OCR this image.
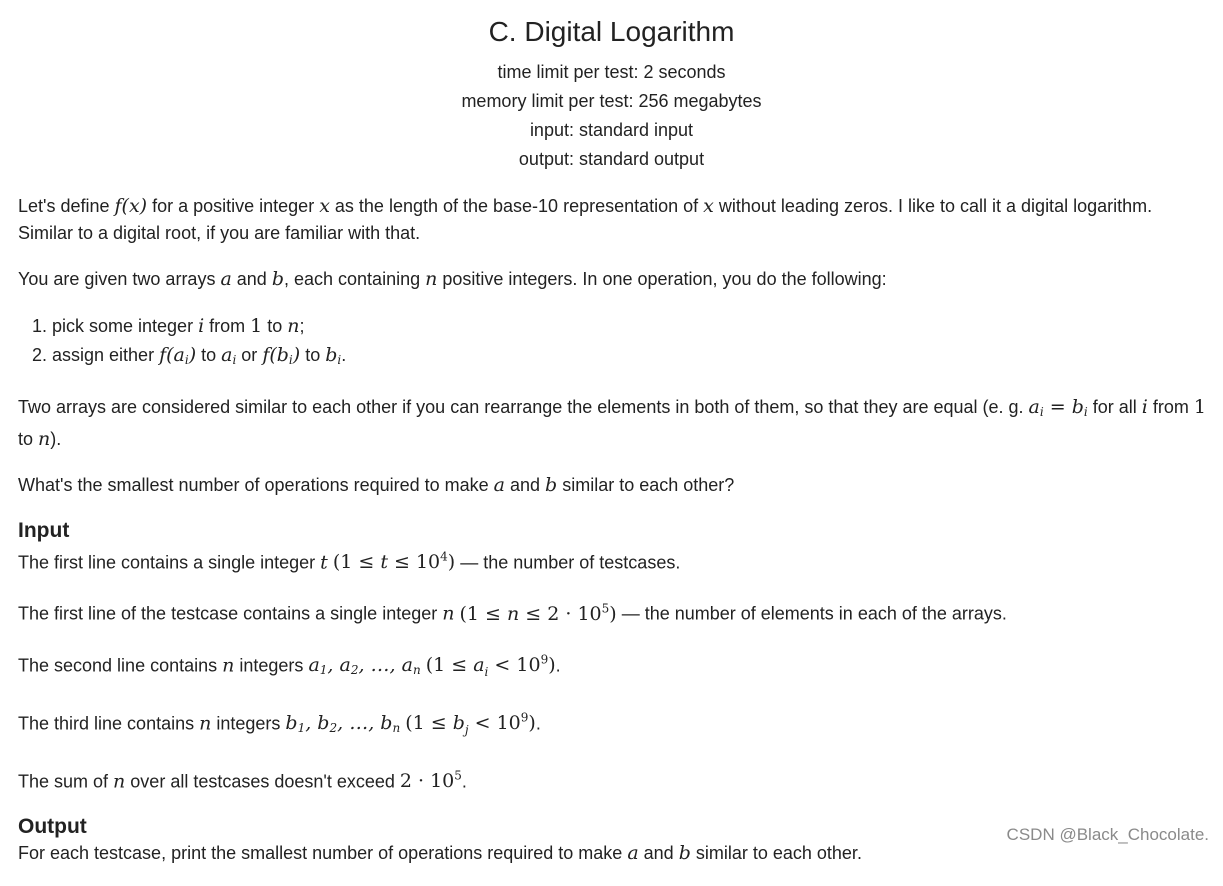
C. Digital Logarithm
time limit per test: 2 seconds
memory limit per test: 256 megabytes
input: standard input
output: standard output

Let's define f(x) for a positive integer x as the length of the base-10 representation of x without leading zeros. I like to call it a digital logarithm. Similar to a digital root, if you are familiar with that.

You are given two arrays a and b, each containing n positive integers. In one operation, you do the following:

1. pick some integer i from 1 to n;
2. assign either $f(a_i)$ to $a_i$ or $f(b_i)$ to $b_i$.

Two arrays are considered similar to each other if you can rearrange the elements in both of them, so that they are equal (e. g. $a_i = b_i$ for all i from 1 to n).

What's the smallest number of operations required to make a and b similar to each other?

Input

The first line contains a single integer t $(1 \le t \le 10^4)$ — the number of testcases.

The first line of the testcase contains a single integer n $(1 \le n \le 2 \cdot 10^5)$ — the number of elements in each of the arrays.

The second line contains n integers $a_1$, $a_2$, …, $a_n$ $(1 \le a_i < 10^9)$.

The third line contains n integers $b_1$, $b_2$, …, $b_n$ $(1 \le b_j < 10^9)$.

The sum of n over all testcases doesn't exceed $2 \cdot 10^5$.

Output

For each testcase, print the smallest number of operations required to make a and b similar to each other.

CSDN @Black_Chocolate.
